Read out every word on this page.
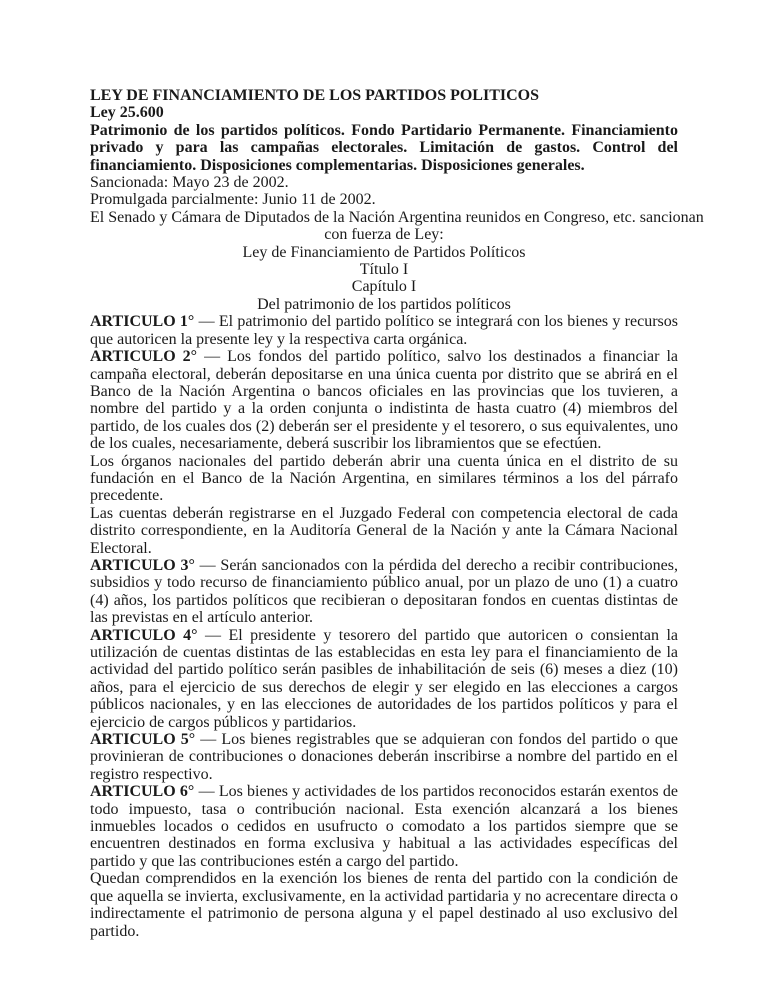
LEY DE FINANCIAMIENTO DE LOS PARTIDOS POLITICOS

Ley 25.600

Patrimonio de los partidos políticos. Fondo Partidario Permanente. Financiamiento privado y para las campañas electorales. Limitación de gastos. Control del financiamiento. Disposiciones complementarias. Disposiciones generales.

Sancionada: Mayo 23 de 2002.

Promulgada parcialmente: Junio 11 de 2002.

El Senado y Cámara de Diputados de la Nación Argentina reunidos en Congreso, etc. sancionan

con fuerza de Ley:

Ley de Financiamiento de Partidos Políticos

Título I

Capítulo I

Del patrimonio de los partidos políticos

ARTICULO 1° — El patrimonio del partido político se integrará con los bienes y recursos que autoricen la presente ley y la respectiva carta orgánica.

ARTICULO 2° — Los fondos del partido político, salvo los destinados a financiar la campaña electoral, deberán depositarse en una única cuenta por distrito que se abrirá en el Banco de la Nación Argentina o bancos oficiales en las provincias que los tuvieren, a nombre del partido y a la orden conjunta o indistinta de hasta cuatro (4) miembros del partido, de los cuales dos (2) deberán ser el presidente y el tesorero, o sus equivalentes, uno de los cuales, necesariamente, deberá suscribir los libramientos que se efectúen.

Los órganos nacionales del partido deberán abrir una cuenta única en el distrito de su fundación en el Banco de la Nación Argentina, en similares términos a los del párrafo precedente.

Las cuentas deberán registrarse en el Juzgado Federal con competencia electoral de cada distrito correspondiente, en la Auditoría General de la Nación y ante la Cámara Nacional Electoral.

ARTICULO 3° — Serán sancionados con la pérdida del derecho a recibir contribuciones, subsidios y todo recurso de financiamiento público anual, por un plazo de uno (1) a cuatro (4) años, los partidos políticos que recibieran o depositaran fondos en cuentas distintas de las previstas en el artículo anterior.

ARTICULO 4° — El presidente y tesorero del partido que autoricen o consientan la utilización de cuentas distintas de las establecidas en esta ley para el financiamiento de la actividad del partido político serán pasibles de inhabilitación de seis (6) meses a diez (10) años, para el ejercicio de sus derechos de elegir y ser elegido en las elecciones a cargos públicos nacionales, y en las elecciones de autoridades de los partidos políticos y para el ejercicio de cargos públicos y partidarios.

ARTICULO 5° — Los bienes registrables que se adquieran con fondos del partido o que provinieran de contribuciones o donaciones deberán inscribirse a nombre del partido en el registro respectivo.

ARTICULO 6° — Los bienes y actividades de los partidos reconocidos estarán exentos de todo impuesto, tasa o contribución nacional. Esta exención alcanzará a los bienes inmuebles locados o cedidos en usufructo o comodato a los partidos siempre que se encuentren destinados en forma exclusiva y habitual a las actividades específicas del partido y que las contribuciones estén a cargo del partido.

Quedan comprendidos en la exención los bienes de renta del partido con la condición de que aquella se invierta, exclusivamente, en la actividad partidaria y no acrecentare directa o indirectamente el patrimonio de persona alguna y el papel destinado al uso exclusivo del partido.
